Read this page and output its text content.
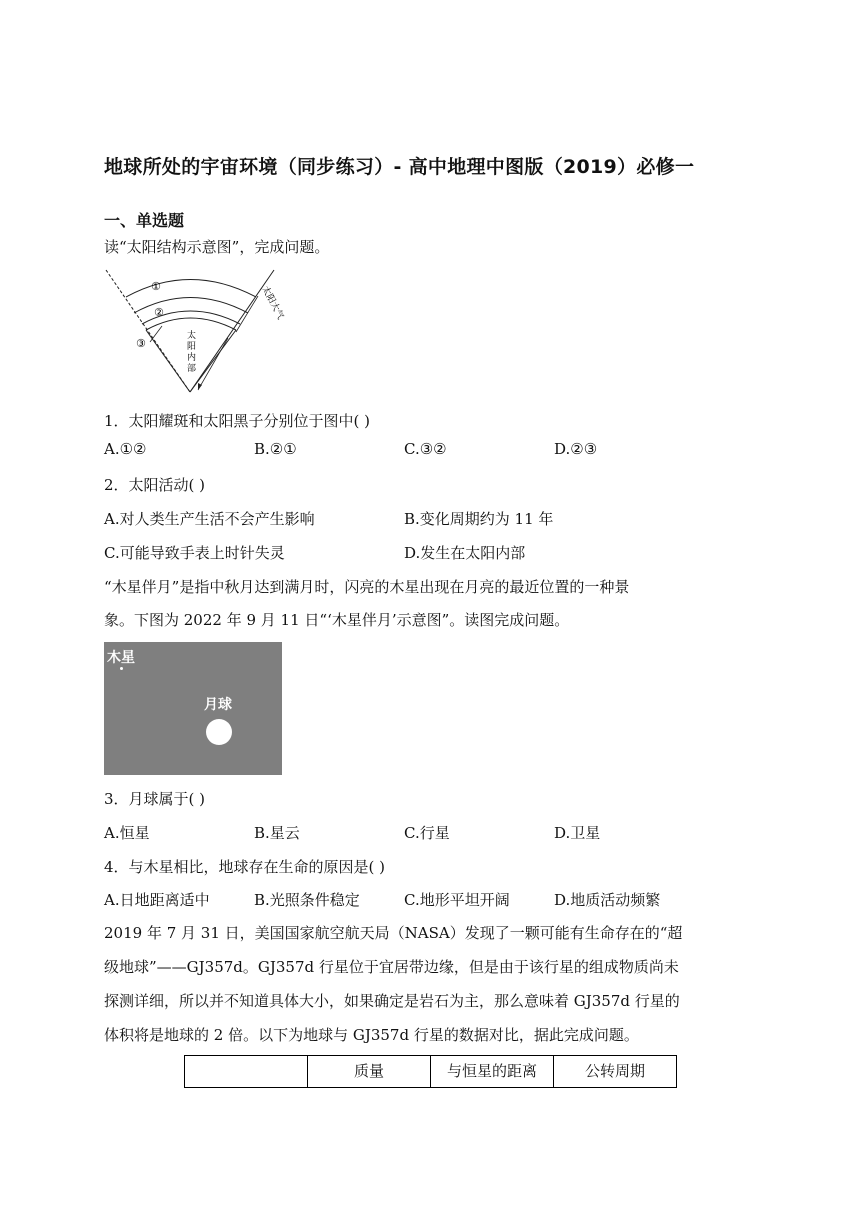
地球所处的宇宙环境（同步练习）- 高中地理中图版（2019）必修一
一、单选题
读“太阳结构示意图”，完成问题。
①
②
③
太
阳
内
部
太阳大气
1．太阳耀斑和太阳黑子分别位于图中( )
A.①②	B.②①	C.③②	D.②③
2．太阳活动( )
A.对人类生产生活不会产生影响	B.变化周期约为 11 年
C.可能导致手表上时针失灵	D.发生在太阳内部
“木星伴月”是指中秋月达到满月时，闪亮的木星出现在月亮的最近位置的一种景
象。下图为 2022 年 9 月 11 日“‘木星伴月’示意图”。读图完成问题。
木星
月球
3．月球属于( )
A.恒星	B.星云	C.行星	D.卫星
4．与木星相比，地球存在生命的原因是( )
A.日地距离适中	B.光照条件稳定	C.地形平坦开阔	D.地质活动频繁
2019 年 7 月 31 日，美国国家航空航天局（NASA）发现了一颗可能有生命存在的“超
级地球”——GJ357d。GJ357d 行星位于宜居带边缘，但是由于该行星的组成物质尚未
探测详细，所以并不知道具体大小，如果确定是岩石为主，那么意味着 GJ357d 行星的
体积将是地球的 2 倍。以下为地球与 GJ357d 行星的数据对比，据此完成问题。
	质量	与恒星的距离	公转周期
